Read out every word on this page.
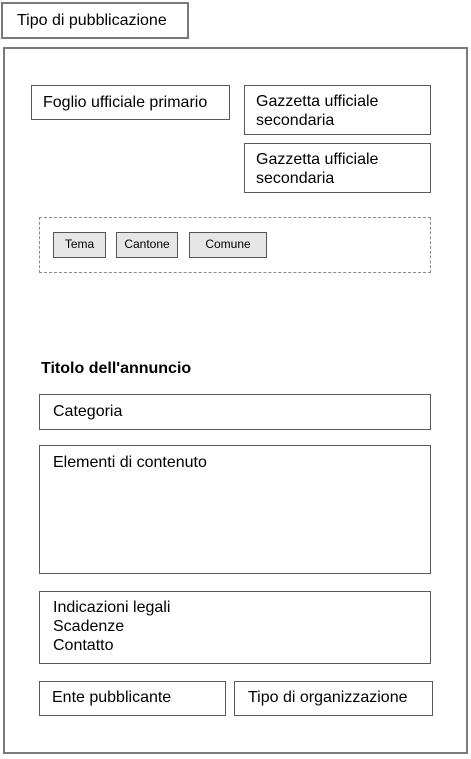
Tipo di pubblicazione
Foglio ufficiale primario	Gazzetta ufficiale
secondaria
Gazzetta ufficiale
secondaria
Tema	Cantone	Comune
Titolo dell'annuncio
Categoria
Elementi di contenuto
Indicazioni legali
Scadenze
Contatto
Ente pubblicante	Tipo di organizzazione
